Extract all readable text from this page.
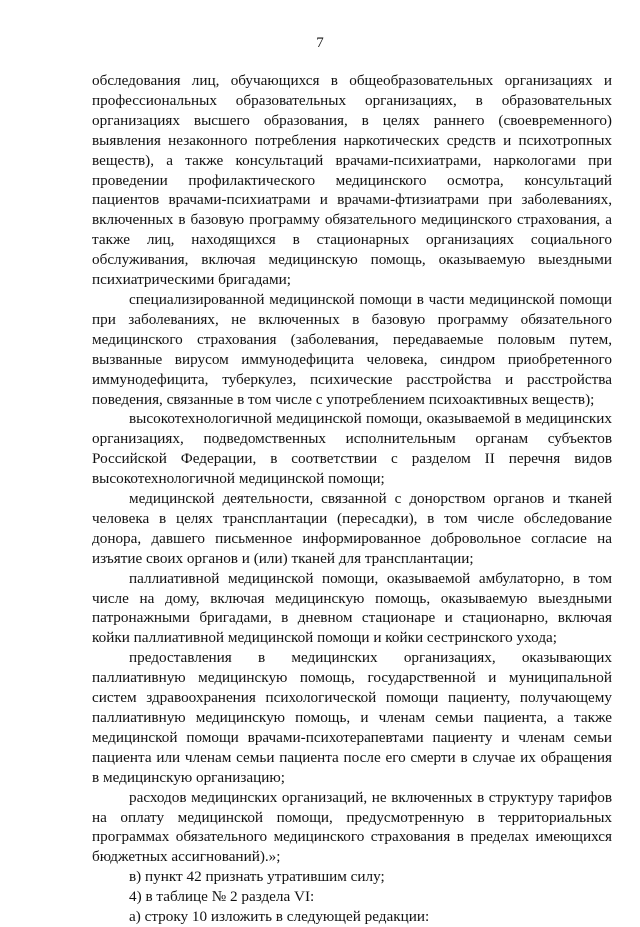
7

обследования лиц, обучающихся в общеобразовательных организациях и профессиональных образовательных организациях, в образовательных организациях высшего образования, в целях раннего (своевременного) выявления незаконного потребления наркотических средств и психотропных веществ), а также консультаций врачами-психиатрами, наркологами при проведении профилактического медицинского осмотра, консультаций пациентов врачами-психиатрами и врачами-фтизиатрами при заболеваниях, включенных в базовую программу обязательного медицинского страхования, а также лиц, находящихся в стационарных организациях социального обслуживания, включая медицинскую помощь, оказываемую выездными психиатрическими бригадами;

специализированной медицинской помощи в части медицинской помощи при заболеваниях, не включенных в базовую программу обязательного медицинского страхования (заболевания, передаваемые половым путем, вызванные вирусом иммунодефицита человека, синдром приобретенного иммунодефицита, туберкулез, психические расстройства и расстройства поведения, связанные в том числе с употреблением психоактивных веществ);

высокотехнологичной медицинской помощи, оказываемой в медицинских организациях, подведомственных исполнительным органам субъектов Российской Федерации, в соответствии с разделом II перечня видов высокотехнологичной медицинской помощи;

медицинской деятельности, связанной с донорством органов и тканей человека в целях трансплантации (пересадки), в том числе обследование донора, давшего письменное информированное добровольное согласие на изъятие своих органов и (или) тканей для трансплантации;

паллиативной медицинской помощи, оказываемой амбулаторно, в том числе на дому, включая медицинскую помощь, оказываемую выездными патронажными бригадами, в дневном стационаре и стационарно, включая койки паллиативной медицинской помощи и койки сестринского ухода;

предоставления в медицинских организациях, оказывающих паллиативную медицинскую помощь, государственной и муниципальной систем здравоохранения психологической помощи пациенту, получающему паллиативную медицинскую помощь, и членам семьи пациента, а также медицинской помощи врачами-психотерапевтами пациенту и членам семьи пациента или членам семьи пациента после его смерти в случае их обращения в медицинскую организацию;

расходов медицинских организаций, не включенных в структуру тарифов на оплату медицинской помощи, предусмотренную в территориальных программах обязательного медицинского страхования в пределах имеющихся бюджетных ассигнований).»;

в) пункт 42 признать утратившим силу;

4) в таблице № 2 раздела VI:

а) строку 10 изложить в следующей редакции:
